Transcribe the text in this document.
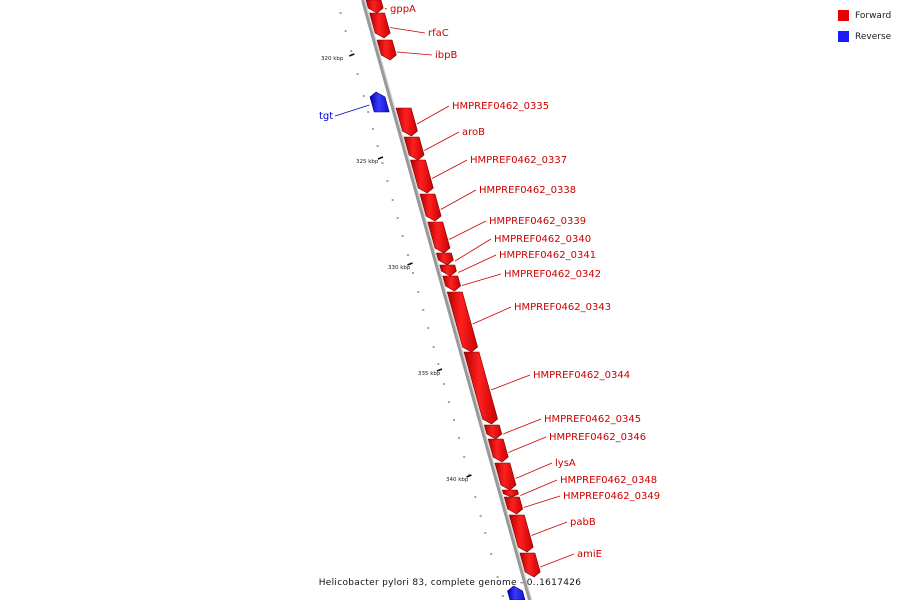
320 kbp
325 kbp
330 kbp
335 kbp
340 kbp
gppA
rfaC
ibpB
tgt
HMPREF0462_0335
aroB
HMPREF0462_0337
HMPREF0462_0338
HMPREF0462_0339
HMPREF0462_0340
HMPREF0462_0341
HMPREF0462_0342
HMPREF0462_0343
HMPREF0462_0344
HMPREF0462_0345
HMPREF0462_0346
lysA
HMPREF0462_0348
HMPREF0462_0349
pabB
amiE
Forward
Reverse
Helicobacter pylori 83, complete genome - 0..1617426
